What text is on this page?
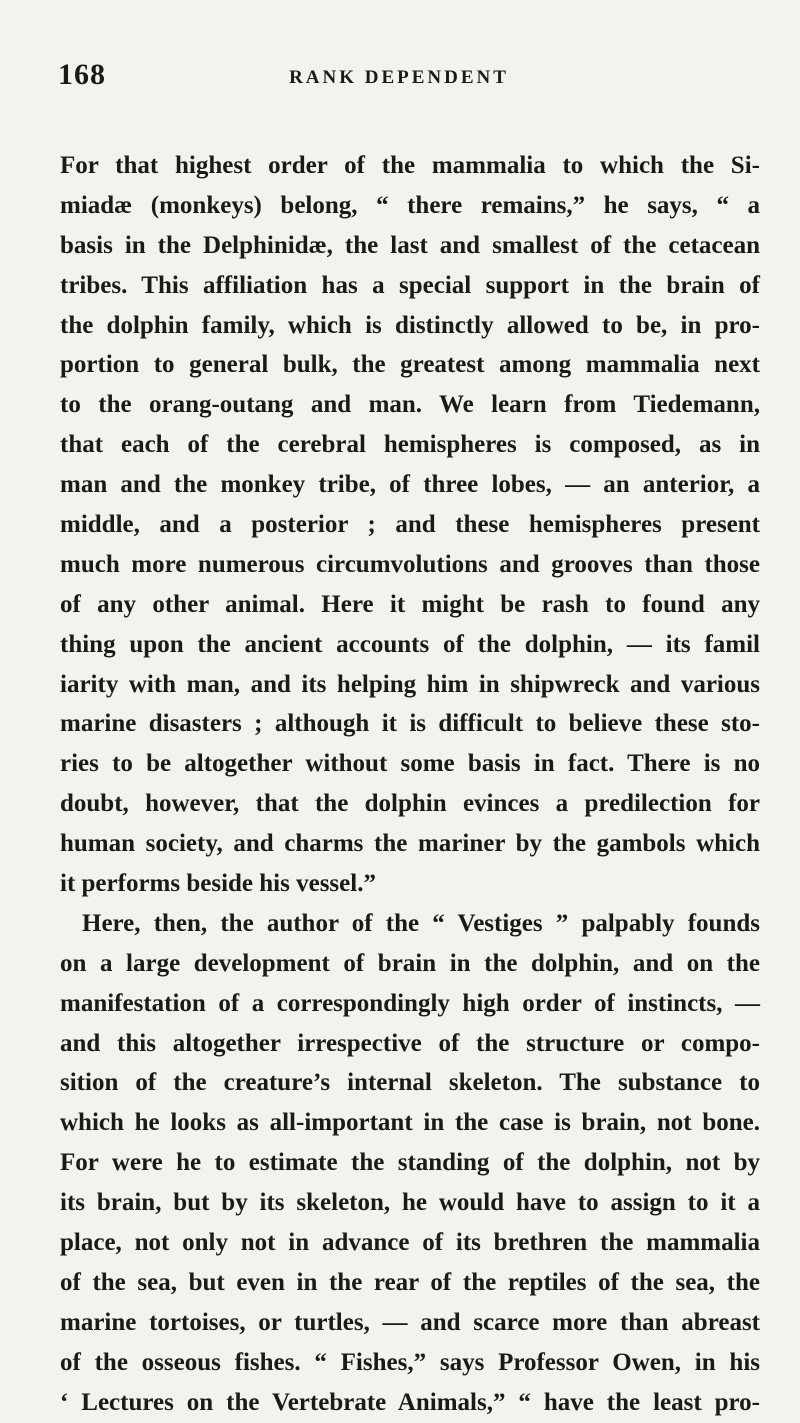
168	RANK DEPENDENT
For that highest order of the mammalia to which the Si-
miadæ (monkeys) belong, “ there remains,” he says, “ a
basis in the Delphinidæ, the last and smallest of the cetacean
tribes. This affiliation has a special support in the brain of
the dolphin family, which is distinctly allowed to be, in pro-
portion to general bulk, the greatest among mammalia next
to the orang-outang and man. We learn from Tiedemann,
that each of the cerebral hemispheres is composed, as in
man and the monkey tribe, of three lobes, — an anterior, a
middle, and a posterior ; and these hemispheres present
much more numerous circumvolutions and grooves than those
of any other animal. Here it might be rash to found any
thing upon the ancient accounts of the dolphin, — its famil
iarity with man, and its helping him in shipwreck and various
marine disasters ; although it is difficult to believe these sto-
ries to be altogether without some basis in fact. There is no
doubt, however, that the dolphin evinces a predilection for
human society, and charms the mariner by the gambols which
it performs beside his vessel.”
Here, then, the author of the “ Vestiges ” palpably founds
on a large development of brain in the dolphin, and on the
manifestation of a correspondingly high order of instincts, —
and this altogether irrespective of the structure or compo-
sition of the creature’s internal skeleton. The substance to
which he looks as all-important in the case is brain, not bone.
For were he to estimate the standing of the dolphin, not by
its brain, but by its skeleton, he would have to assign to it a
place, not only not in advance of its brethren the mammalia
of the sea, but even in the rear of the reptiles of the sea, the
marine tortoises, or turtles, — and scarce more than abreast
of the osseous fishes. “ Fishes,” says Professor Owen, in his
‘ Lectures on the Vertebrate Animals,” “ have the least pro-
